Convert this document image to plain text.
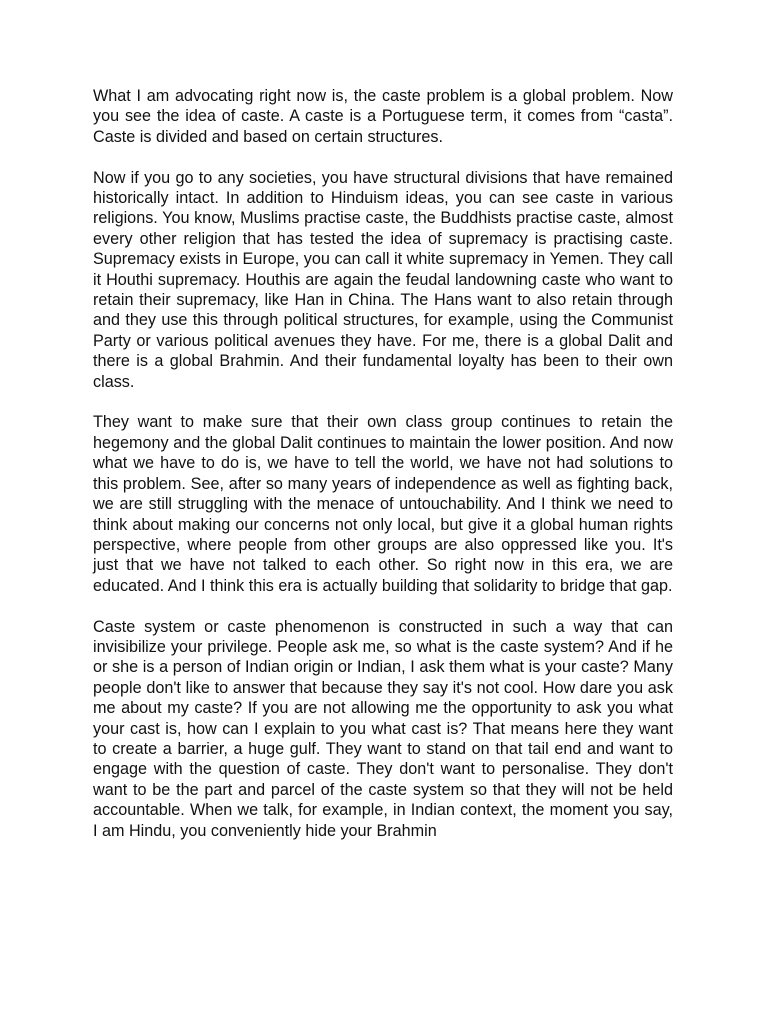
What I am advocating right now is, the caste problem is a global problem. Now you see the idea of caste. A caste is a Portuguese term, it comes from “casta”. Caste is divided and based on certain structures.

Now if you go to any societies, you have structural divisions that have remained historically intact. In addition to Hinduism ideas, you can see caste in various religions. You know, Muslims practise caste, the Buddhists practise caste, almost every other religion that has tested the idea of supremacy is practising caste. Supremacy exists in Europe, you can call it white supremacy in Yemen. They call it Houthi supremacy. Houthis are again the feudal landowning caste who want to retain their supremacy, like Han in China. The Hans want to also retain through and they use this through political structures, for example, using the Communist Party or various political avenues they have. For me, there is a global Dalit and there is a global Brahmin. And their fundamental loyalty has been to their own class.

They want to make sure that their own class group continues to retain the hegemony and the global Dalit continues to maintain the lower position. And now what we have to do is, we have to tell the world, we have not had solutions to this problem. See, after so many years of independence as well as fighting back, we are still struggling with the menace of untouchability. And I think we need to think about making our concerns not only local, but give it a global human rights perspective, where people from other groups are also oppressed like you. It's just that we have not talked to each other. So right now in this era, we are educated. And I think this era is actually building that solidarity to bridge that gap.

Caste system or caste phenomenon is constructed in such a way that can invisibilize your privilege. People ask me, so what is the caste system? And if he or she is a person of Indian origin or Indian, I ask them what is your caste? Many people don't like to answer that because they say it's not cool. How dare you ask me about my caste? If you are not allowing me the opportunity to ask you what your cast is, how can I explain to you what cast is? That means here they want to create a barrier, a huge gulf. They want to stand on that tail end and want to engage with the question of caste. They don't want to personalise. They don't want to be the part and parcel of the caste system so that they will not be held accountable. When we talk, for example, in Indian context, the moment you say, I am Hindu, you conveniently hide your Brahmin
